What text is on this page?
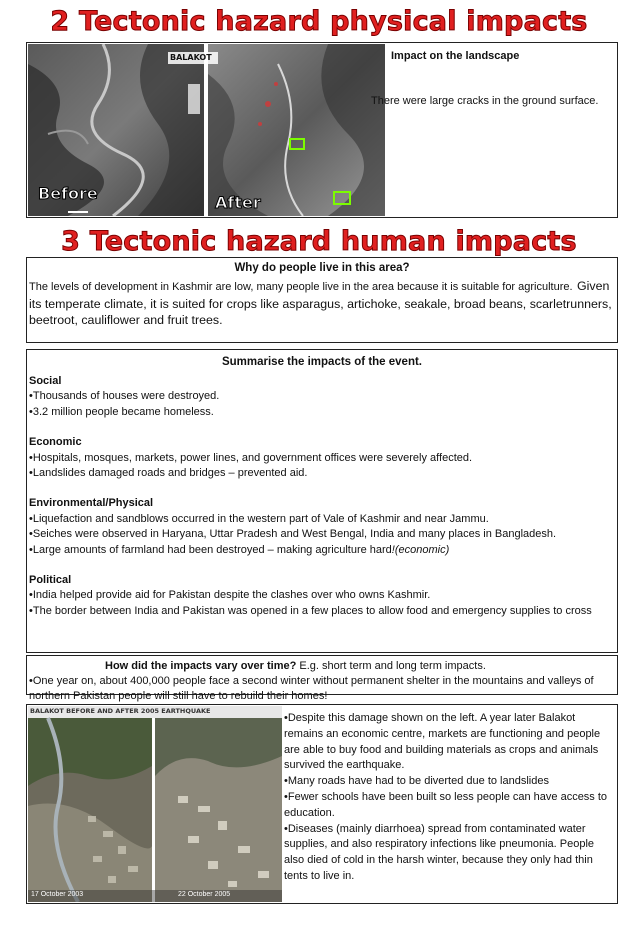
2 Tectonic hazard physical impacts
BALAKOT
Before	After
Impact on the landscape
There were large cracks in the ground surface.
3 Tectonic hazard human impacts
Why do people live in this area?
The levels of development in Kashmir are low, many people live in the area because it is suitable for agriculture. Given its temperate climate, it is suited for crops like asparagus, artichoke, seakale, broad beans, scarletrunners, beetroot, cauliflower and fruit trees.
Summarise the impacts of the event.
Social
•Thousands of houses were destroyed.
•3.2 million people became homeless.
Economic
•Hospitals, mosques, markets, power lines, and government offices were severely affected.
•Landslides damaged roads and bridges – prevented aid.
Environmental/Physical
•Liquefaction and sandblows occurred in the western part of Vale of Kashmir and near Jammu.
•Seiches were observed in Haryana, Uttar Pradesh and West Bengal, India and many places in Bangladesh.
•Large amounts of farmland had been destroyed – making agriculture hard!(economic)
Political
•India helped provide aid for Pakistan despite the clashes over who owns Kashmir.
•The border between India and Pakistan was opened in a few places to allow food and emergency supplies to cross
How did the impacts vary over time? E.g. short term and long term impacts.
•One year on, about 400,000 people face a second winter without permanent shelter in the mountains and valleys of northern Pakistan people will still have to rebuild their homes!
BALAKOT BEFORE AND AFTER 2005 EARTHQUAKE
17 October 2003	22 October 2005
•Despite this damage shown on the left. A year later Balakot remains an economic centre, markets are functioning and people are able to buy food and building materials as crops and animals survived the earthquake.
•Many roads have had to be diverted due to landslides
•Fewer schools have been built so less people can have access to education.
•Diseases (mainly diarrhoea) spread from contaminated water supplies, and also respiratory infections like pneumonia. People also died of cold in the harsh winter, because they only had thin tents to live in.
